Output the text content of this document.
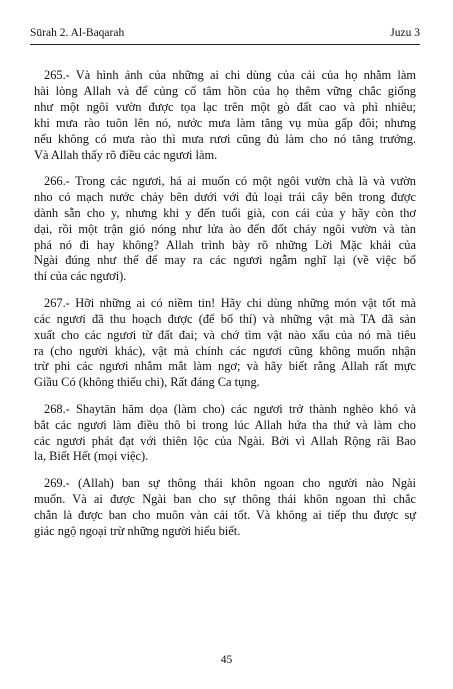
Sūrah 2. Al-Baqarah	Juzu 3
265.- Và hình ảnh của những ai chi dùng của cải của họ nhằm làm
hài lòng Allah và để củng cố tâm hồn của họ thêm vững chắc giống
như một ngôi vườn được tọa lạc trên một gò đất cao và phì nhiêu;
khi mưa rào tuôn lên nó, nước mưa làm tăng vụ mùa gấp đôi; nhưng
nếu không có mưa rào thì mưa rươi cũng đủ làm cho nó tăng trưởng.
Và Allah thấy rõ điều các ngươi làm.
266.- Trong các ngươi, há ai muốn có một ngôi vườn chà là và vườn
nho có mạch nước chảy bên dưới với đủ loại trái cây bên trong được
dành sẵn cho y, nhưng khi y đến tuổi già, con cái của y hãy còn thơ
dại, rồi một trận gió nóng như lửa ào đến đốt cháy ngôi vườn và tàn
phá nó đi hay không? Allah trình bày rõ những Lời Mặc khải của
Ngài đúng như thế để may ra các ngươi ngẫm nghĩ lại (về việc bố
thí của các ngươi).
267.- Hỡi những ai có niềm tin! Hãy chi dùng những món vật tốt mà
các ngươi đã thu hoạch được (để bố thí) và những vật mà TA đã sản
xuất cho các ngươi từ đất đai; và chớ tìm vật nào xấu của nó mà tiêu
ra (cho người khác), vật mà chính các ngươi cũng không muốn nhận
trừ phi các ngươi nhắm mắt làm ngơ; và hãy biết rằng Allah rất mực
Giầu Có (không thiếu chi), Rất đáng Ca tụng.
268.- Shaytān hăm dọa (làm cho) các ngươi trở thành nghèo khó và
bắt các ngươi làm điều thô bỉ trong lúc Allah hứa tha thứ và làm cho
các ngươi phát đạt với thiên lộc của Ngài. Bởi vì Allah Rộng rãi Bao
la, Biết Hết (mọi việc).
269.- (Allah) ban sự thông thái khôn ngoan cho người nào Ngài
muốn. Và ai được Ngài ban cho sự thông thái khôn ngoan thì chắc
chắn là được ban cho muôn vàn cái tốt. Và không ai tiếp thu được sự
giác ngộ ngoại trừ những người hiểu biết.
45
